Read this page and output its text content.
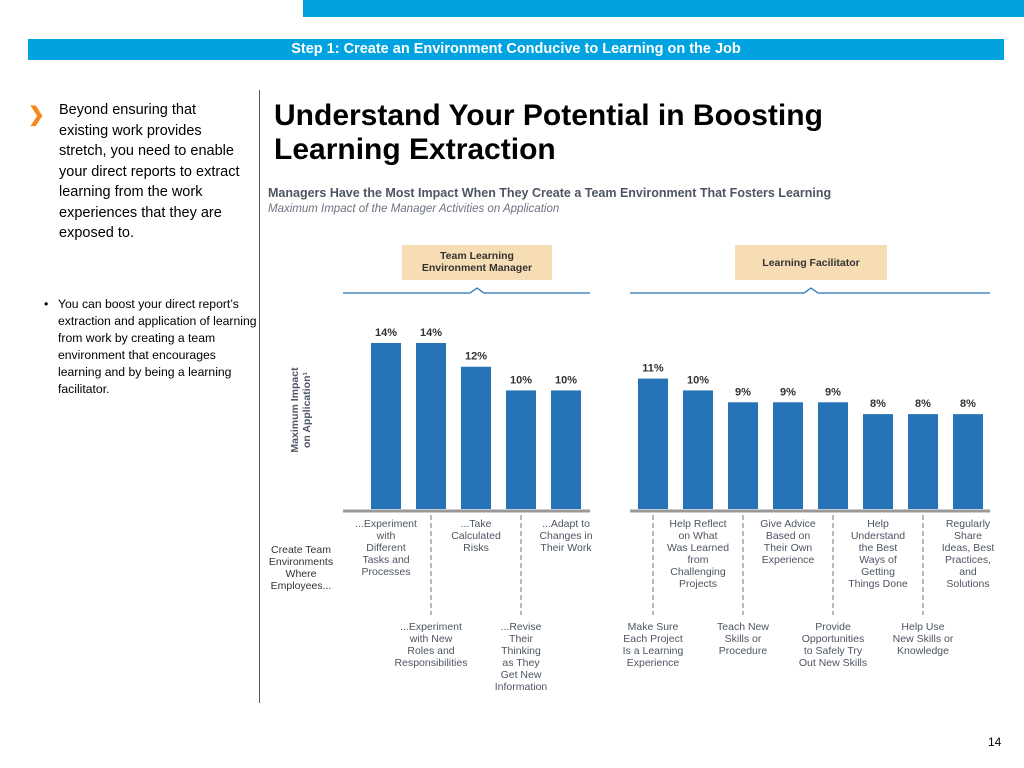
Step 1: Create an Environment Conducive to Learning on the Job
❯ Beyond ensuring that existing work provides stretch, you need to enable your direct reports to extract learning from the work experiences that they are exposed to.
• You can boost your direct report’s extraction and application of learning from work by creating a team environment that encourages learning and by being a learning facilitator.
Understand Your Potential in Boosting
Learning Extraction
Managers Have the Most Impact When They Create a Team Environment That Fosters Learning
Maximum Impact of the Manager Activities on Application
Maximum Impacton Application¹
Create Team Environments Where Employees...
Team Learning Environment Manager
14%
...Experiment with Different Tasks and Processes
14%
...Experiment with New Roles and Responsibilities
12%
...Take Calculated Risks
10%
...Revise Their Thinking as They Get New Information
10%
...Adapt to Changes in Their Work
Learning Facilitator
11%
Make Sure Each Project Is a Learning Experience
10%
Help Reflect on What Was Learned from Challenging Projects
9%
Teach New Skills or Procedure
9%
Give Advice Based on Their Own Experience
9%
Provide Opportunities to Safely Try Out New Skills
8%
Help Understand the Best Ways of Getting Things Done
8%
Help Use New Skills or Knowledge
8%
Regularly Share Ideas, Best Practices, and Solutions
14
